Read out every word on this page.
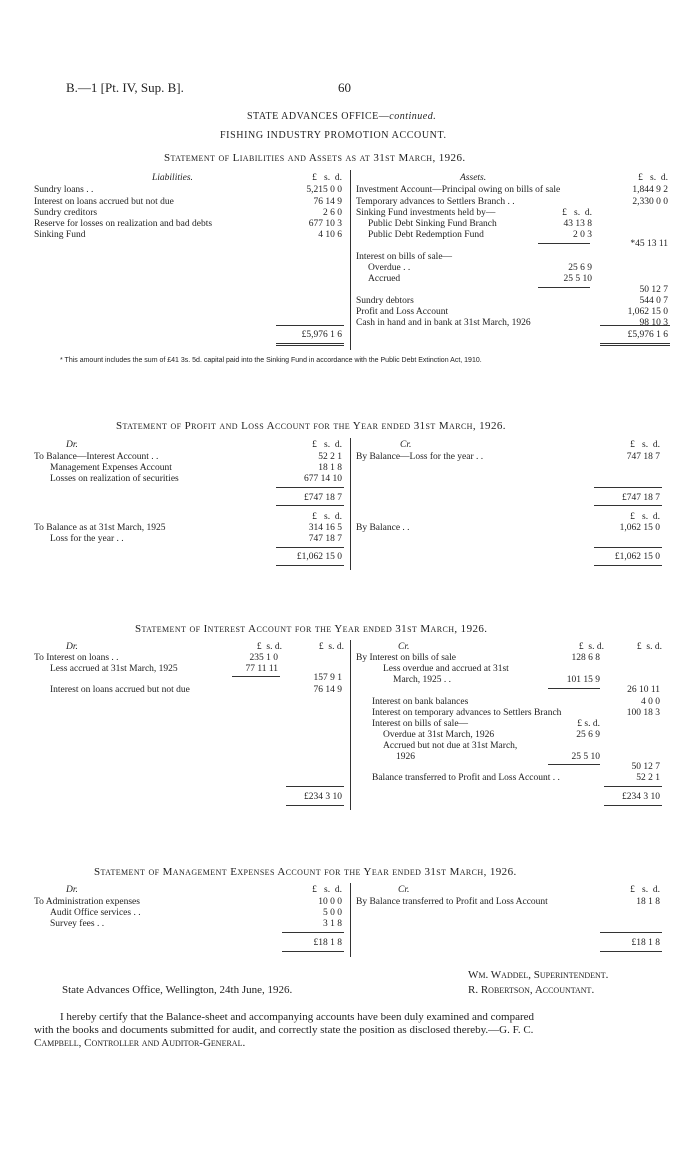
B.—1 [Pt. IV, Sup. B].	60
STATE ADVANCES OFFICE—continued.
FISHING INDUSTRY PROMOTION ACCOUNT.
Statement of Liabilities and Assets as at 31st March, 1926.
Liabilities.	£ s. d.	Assets.	£ s. d.
Sundry loans . .	5,215 0 0
Interest on loans accrued but not due	76 14 9
Sundry creditors	2 6 0
Reserve for losses on realization and bad debts	677 10 3
Sinking Fund	4 10 6
£5,976 1 6
Investment Account—Principal owing on bills of sale	1,844 9 2
Temporary advances to Settlers Branch . .	2,330 0 0
Sinking Fund investments held by—	£ s. d.
Public Debt Sinking Fund Branch	43 13 8
Public Debt Redemption Fund	2 0 3
*45 13 11
Interest on bills of sale—
Overdue . .	25 6 9
Accrued	25 5 10
50 12 7
Sundry debtors	544 0 7
Profit and Loss Account	1,062 15 0
Cash in hand and in bank at 31st March, 1926	98 10 3
£5,976 1 6
* This amount includes the sum of £41 3s. 5d. capital paid into the Sinking Fund in accordance with the Public Debt Extinction Act, 1910.
Statement of Profit and Loss Account for the Year ended 31st March, 1926.
Dr.	£ s. d.	Cr.	£ s. d.
To Balance—Interest Account . .	52 2 1
Management Expenses Account	18 1 8
Losses on realization of securities	677 14 10
By Balance—Loss for the year . .	747 18 7
£747 18 7	£747 18 7
£ s. d.	£ s. d.
To Balance as at 31st March, 1925	314 16 5
Loss for the year . .	747 18 7
By Balance . .	1,062 15 0
£1,062 15 0	£1,062 15 0
Statement of Interest Account for the Year ended 31st March, 1926.
Dr.	£ s. d.	£ s. d.	Cr.	£ s. d.	£ s. d.
To Interest on loans . .	235 1 0
Less accrued at 31st March, 1925	77 11 11
157 9 1
Interest on loans accrued but not due	76 14 9
By Interest on bills of sale	128 6 8
Less overdue and accrued at 31st
March, 1925 . .	101 15 9
26 10 11
Interest on bank balances	4 0 0
Interest on temporary advances to Settlers Branch	100 18 3
Interest on bills of sale—	£ s. d.
Overdue at 31st March, 1926	25 6 9
Accrued but not due at 31st March,
1926	25 5 10
50 12 7
Balance transferred to Profit and Loss Account . .	52 2 1
£234 3 10	£234 3 10
Statement of Management Expenses Account for the Year ended 31st March, 1926.
Dr.	£ s. d.	Cr.	£ s. d.
To Administration expenses	10 0 0
Audit Office services . .	5 0 0
Survey fees . .	3 1 8
By Balance transferred to Profit and Loss Account	18 1 8
£18 1 8	£18 1 8
Wm. Waddel, Superintendent.
State Advances Office, Wellington, 24th June, 1926.	R. Robertson, Accountant.
I hereby certify that the Balance-sheet and accompanying accounts have been duly examined and compared
with the books and documents submitted for audit, and correctly state the position as disclosed thereby.—G. F. C.
Campbell, Controller and Auditor-General.
